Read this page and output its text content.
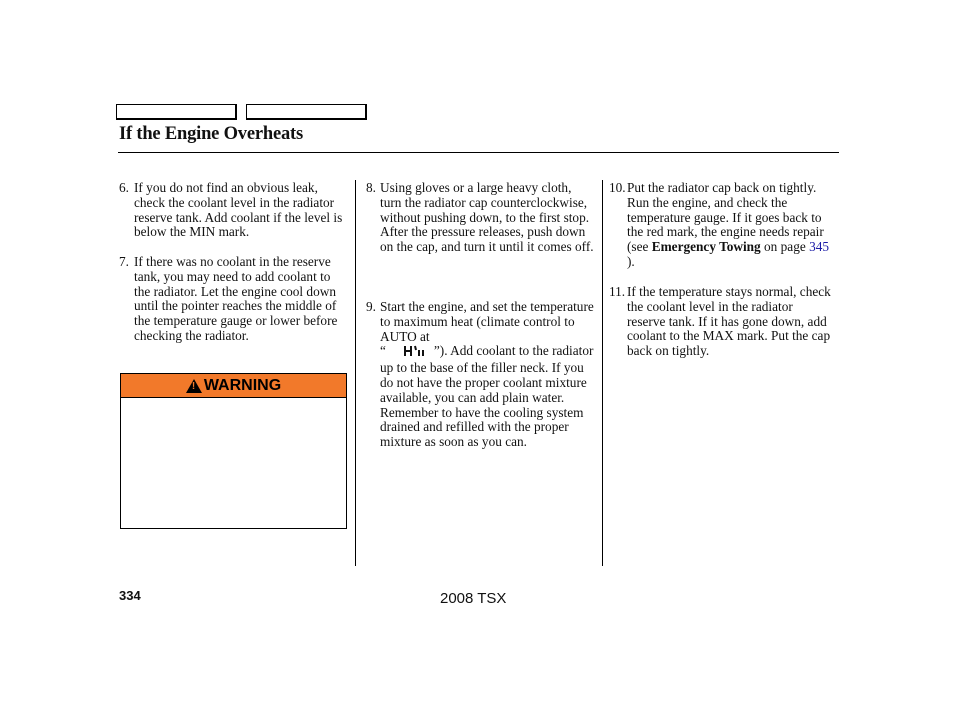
If the Engine Overheats
6. If you do not find an obvious leak, check the coolant level in the radiator reserve tank. Add coolant if the level is below the MIN mark.
7. If there was no coolant in the reserve tank, you may need to add coolant to the radiator. Let the engine cool down until the pointer reaches the middle of the temperature gauge or lower before checking the radiator.
! WARNING
8. Using gloves or a large heavy cloth, turn the radiator cap counterclockwise, without pushing down, to the first stop. After the pressure releases, push down on the cap, and turn it until it comes off.
9. Start the engine, and set the temperature to maximum heat (climate control to AUTO at
“	”). Add coolant to the radiator up to the base of the filler neck. If you do not have the proper coolant mixture available, you can add plain water. Remember to have the cooling system drained and refilled with the proper mixture as soon as you can.
10. Put the radiator cap back on tightly. Run the engine, and check the temperature gauge. If it goes back to the red mark, the engine needs repair (see Emergency Towing on page 345 ).
11. If the temperature stays normal, check the coolant level in the radiator reserve tank. If it has gone down, add coolant to the MAX mark. Put the cap back on tightly.
334	2008 TSX
